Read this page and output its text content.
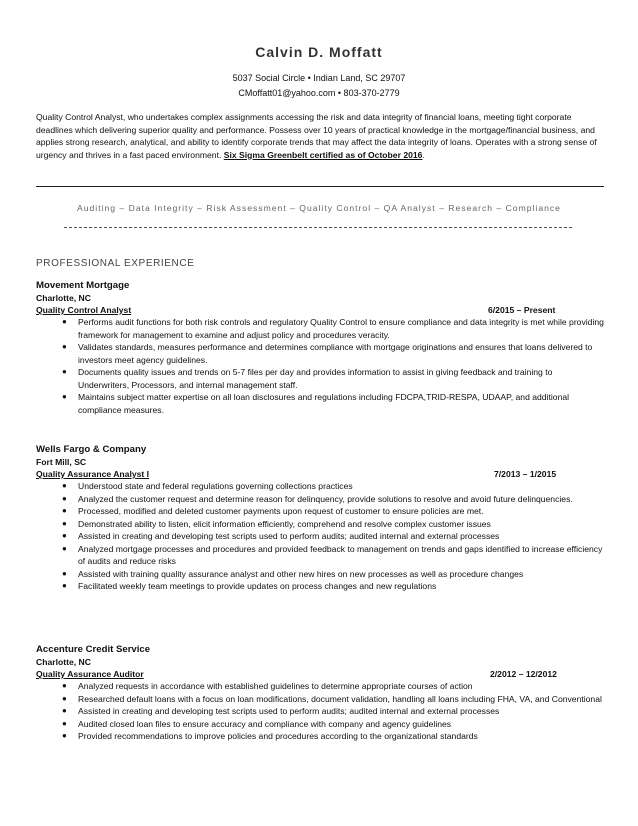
Calvin D. Moffatt
5037 Social Circle • Indian Land, SC 29707
CMoffatt01@yahoo.com • 803-370-2779
Quality Control Analyst, who undertakes complex assignments accessing the risk and data integrity of financial loans, meeting tight corporate deadlines which delivering superior quality and performance. Possess over 10 years of practical knowledge in the mortgage/financial business, and applies strong research, analytical, and ability to identify corporate trends that may affect the data integrity of loans. Operates with a strong sense of urgency and thrives in a fast paced environment. Six Sigma Greenbelt certified as of October 2016.
Auditing – Data Integrity – Risk Assessment – Quality Control – QA Analyst – Research – Compliance
PROFESSIONAL EXPERIENCE
Movement Mortgage
Charlotte, NC
Quality Control Analyst	6/2015 – Present
● Performs audit functions for both risk controls and regulatory Quality Control to ensure compliance and data integrity is met while providing framework for management to examine and adjust policy and procedures veracity.
● Validates standards, measures performance and determines compliance with mortgage originations and ensures that loans delivered to investors meet agency guidelines.
● Documents quality issues and trends on 5-7 files per day and provides information to assist in giving feedback and training to Underwriters, Processors, and internal management staff.
● Maintains subject matter expertise on all loan disclosures and regulations including FDCPA,TRID-RESPA, UDAAP, and additional compliance measures.
Wells Fargo & Company
Fort Mill, SC
Quality Assurance Analyst I	7/2013 – 1/2015
● Understood state and federal regulations governing collections practices
● Analyzed the customer request and determine reason for delinquency, provide solutions to resolve and avoid future delinquencies.
● Processed, modified and deleted customer payments upon request of customer to ensure policies are met.
● Demonstrated ability to listen, elicit information efficiently, comprehend and resolve complex customer issues
● Assisted in creating and developing test scripts used to perform audits; audited internal and external processes
● Analyzed mortgage processes and procedures and provided feedback to management on trends and gaps identified to increase efficiency of audits and reduce risks
● Assisted with training quality assurance analyst and other new hires on new processes as well as procedure changes
● Facilitated weekly team meetings to provide updates on process changes and new regulations
Accenture Credit Service
Charlotte, NC
Quality Assurance Auditor	2/2012 – 12/2012
● Analyzed requests in accordance with established guidelines to determine appropriate courses of action
● Researched default loans with a focus on loan modifications, document validation, handling all loans including FHA, VA, and Conventional
● Assisted in creating and developing test scripts used to perform audits; audited internal and external processes
● Audited closed loan files to ensure accuracy and compliance with company and agency guidelines
● Provided recommendations to improve policies and procedures according to the organizational standards
